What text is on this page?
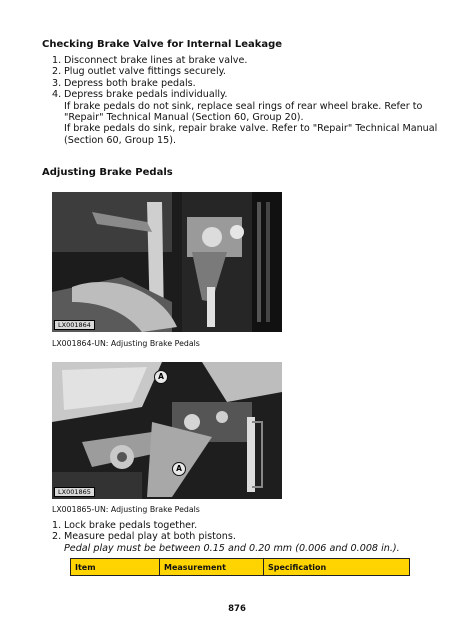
Checking Brake Valve for Internal Leakage
1. Disconnect brake lines at brake valve.
2. Plug outlet valve fittings securely.
3. Depress both brake pedals.
4. Depress brake pedals individually.
If brake pedals do not sink, replace seal rings of rear wheel brake. Refer to
"Repair" Technical Manual (Section 60, Group 20).
If brake pedals do sink, repair brake valve. Refer to "Repair" Technical Manual
(Section 60, Group 15).
Adjusting Brake Pedals
LX001864
LX001864-UN: Adjusting Brake Pedals
A
A
LX001865
LX001865-UN: Adjusting Brake Pedals
1. Lock brake pedals together.
2. Measure pedal play at both pistons.
Pedal play must be between 0.15 and 0.20 mm (0.006 and 0.008 in.).
Item	Measurement	Specification
876
